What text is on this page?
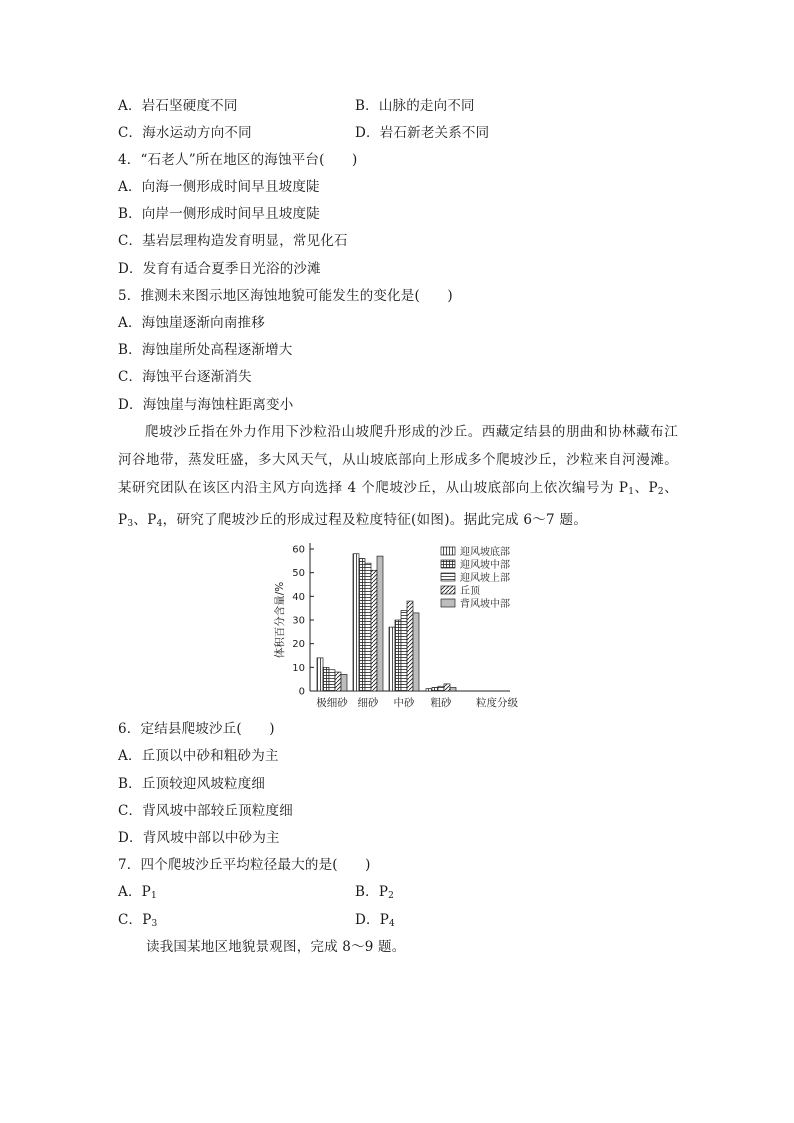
A．岩石坚硬度不同	B．山脉的走向不同
C．海水运动方向不同	D．岩石新老关系不同
4．“石老人”所在地区的海蚀平台(　　)
A．向海一侧形成时间早且坡度陡
B．向岸一侧形成时间早且坡度陡
C．基岩层理构造发育明显，常见化石
D．发育有适合夏季日光浴的沙滩
5．推测未来图示地区海蚀地貌可能发生的变化是(　　)
A．海蚀崖逐渐向南推移
B．海蚀崖所处高程逐渐增大
C．海蚀平台逐渐消失
D．海蚀崖与海蚀柱距离变小
爬坡沙丘指在外力作用下沙粒沿山坡爬升形成的沙丘。西藏定结县的朋曲和协林藏布江河谷地带，蒸发旺盛，多大风天气，从山坡底部向上形成多个爬坡沙丘，沙粒来自河漫滩。某研究团队在该区内沿主风方向选择 4 个爬坡沙丘，从山坡底部向上依次编号为 $P_1$、$P_2$、$P_3$、$P_4$，研究了爬坡沙丘的形成过程及粒度特征(如图)。据此完成 6～7 题。
0
10
20
30
40
50
60
体积百分含量/%
极细砂 细砂 中砂 粗砂 粒度分级
迎风坡底部
迎风坡中部
迎风坡上部
丘顶
背风坡中部
6．定结县爬坡沙丘(　　)
A．丘顶以中砂和粗砂为主
B．丘顶较迎风坡粒度细
C．背风坡中部较丘顶粒度细
D．背风坡中部以中砂为主
7．四个爬坡沙丘平均粒径最大的是(　　)
A．$P_1$	B．$P_2$
C．$P_3$	D．$P_4$
读我国某地区地貌景观图，完成 8～9 题。
